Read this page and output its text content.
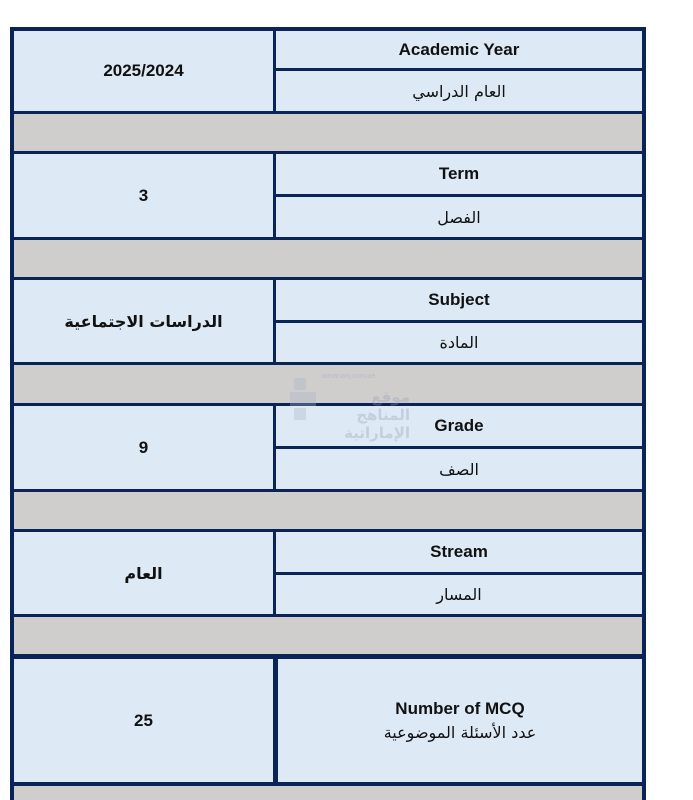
2025/2024
Academic Year
العام الدراسي
3
Term
الفصل
الدراسات الاجتماعية
Subject
المادة
9
Grade
الصف
العام
Stream
المسار
25
Number of MCQ
عدد الأسئلة الموضوعية
almanahj.com/ae
موقع المناهج الإماراتية
